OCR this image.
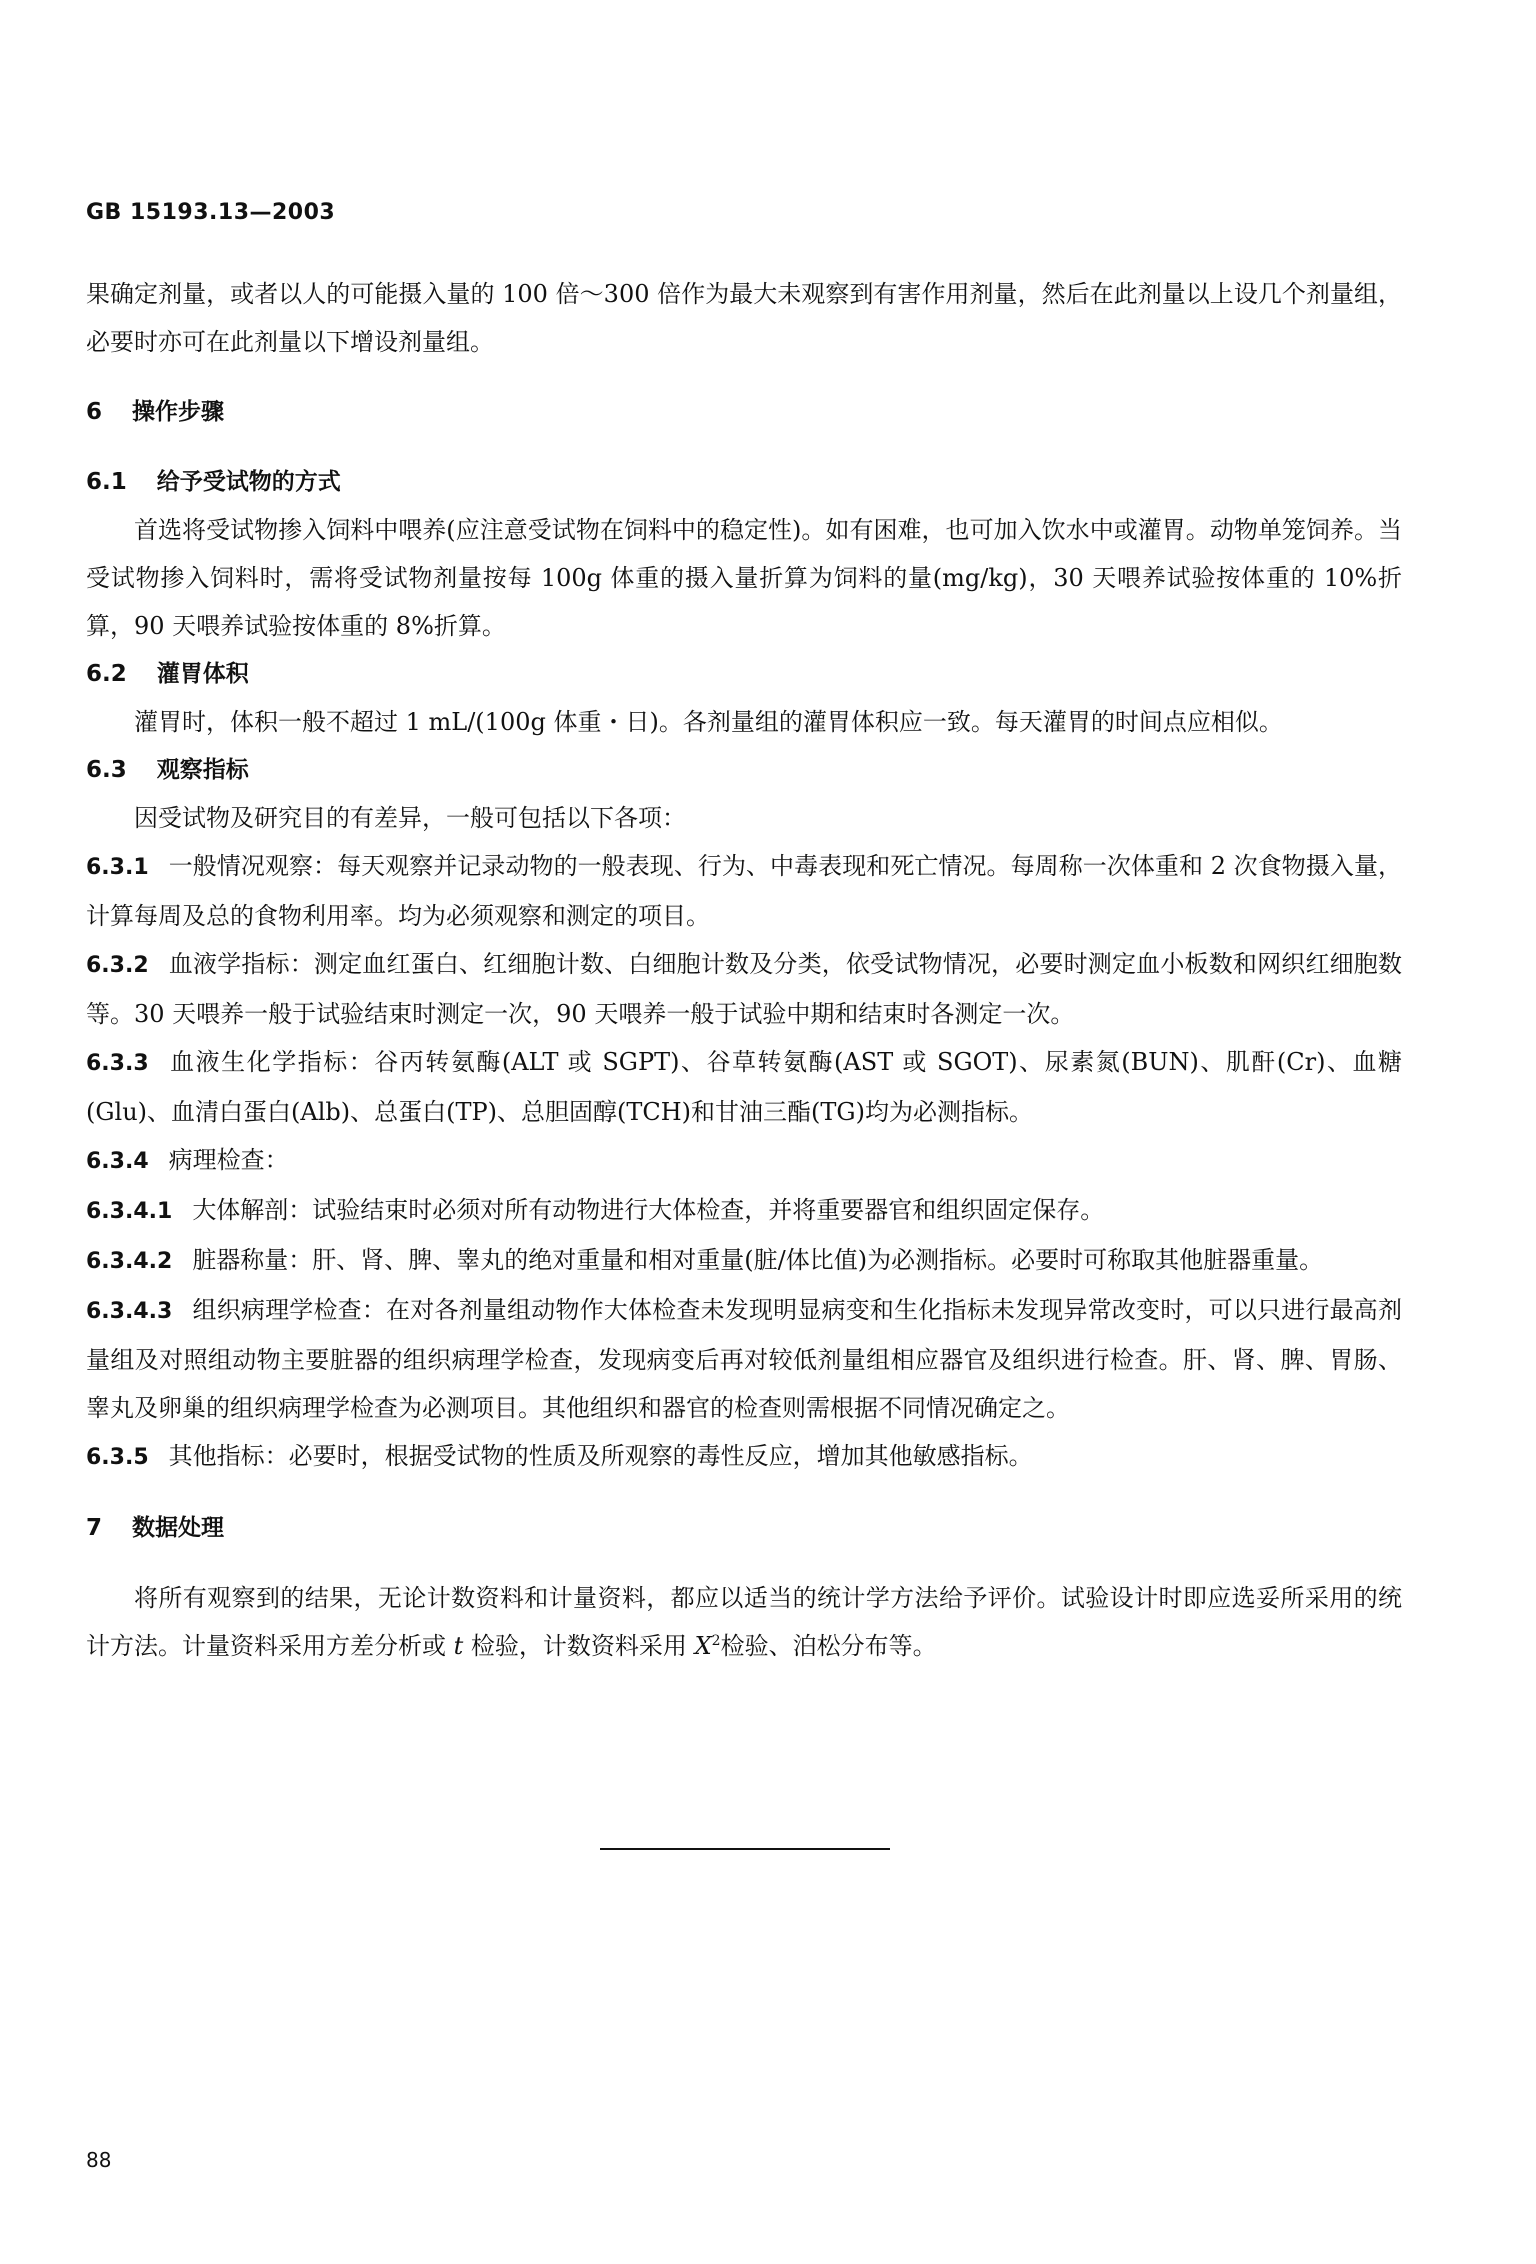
GB 15193.13—2003

果确定剂量，或者以人的可能摄入量的 100 倍～300 倍作为最大未观察到有害作用剂量，然后在此剂量以上设几个剂量组，必要时亦可在此剂量以下增设剂量组。

6 操作步骤
6.1 给予受试物的方式

首选将受试物掺入饲料中喂养(应注意受试物在饲料中的稳定性)。如有困难，也可加入饮水中或灌胃。动物单笼饲养。当受试物掺入饲料时，需将受试物剂量按每 100g 体重的摄入量折算为饲料的量(mg/kg)，30 天喂养试验按体重的 10%折算，90 天喂养试验按体重的 8%折算。

6.2 灌胃体积

灌胃时，体积一般不超过 1 mL/(100g 体重・日)。各剂量组的灌胃体积应一致。每天灌胃的时间点应相似。

6.3 观察指标

因受试物及研究目的有差异，一般可包括以下各项：

6.3.1 一般情况观察：每天观察并记录动物的一般表现、行为、中毒表现和死亡情况。每周称一次体重和 2 次食物摄入量，计算每周及总的食物利用率。均为必须观察和测定的项目。

6.3.2 血液学指标：测定血红蛋白、红细胞计数、白细胞计数及分类，依受试物情况，必要时测定血小板数和网织红细胞数等。30 天喂养一般于试验结束时测定一次，90 天喂养一般于试验中期和结束时各测定一次。

6.3.3 血液生化学指标：谷丙转氨酶(ALT 或 SGPT)、谷草转氨酶(AST 或 SGOT)、尿素氮(BUN)、肌酐(Cr)、血糖(Glu)、血清白蛋白(Alb)、总蛋白(TP)、总胆固醇(TCH)和甘油三酯(TG)均为必测指标。

6.3.4 病理检查：

6.3.4.1 大体解剖：试验结束时必须对所有动物进行大体检查，并将重要器官和组织固定保存。

6.3.4.2 脏器称量：肝、肾、脾、睾丸的绝对重量和相对重量(脏/体比值)为必测指标。必要时可称取其他脏器重量。

6.3.4.3 组织病理学检查：在对各剂量组动物作大体检查未发现明显病变和生化指标未发现异常改变时，可以只进行最高剂量组及对照组动物主要脏器的组织病理学检查，发现病变后再对较低剂量组相应器官及组织进行检查。肝、肾、脾、胃肠、睾丸及卵巢的组织病理学检查为必测项目。其他组织和器官的检查则需根据不同情况确定之。

6.3.5 其他指标：必要时，根据受试物的性质及所观察的毒性反应，增加其他敏感指标。

7 数据处理

将所有观察到的结果，无论计数资料和计量资料，都应以适当的统计学方法给予评价。试验设计时即应选妥所采用的统计方法。计量资料采用方差分析或 t 检验，计数资料采用 $X^2$检验、泊松分布等。

88
